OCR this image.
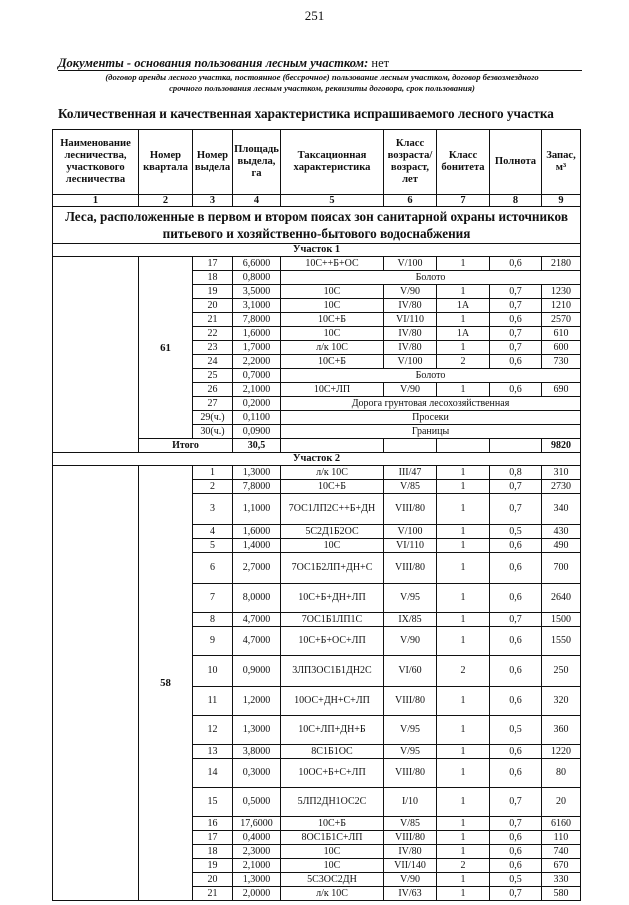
251
Документы - основания пользования лесным участком: нет
(договор аренды лесного участка, постоянное (бессрочное) пользование лесным участком, договор безвозмездного
срочного пользования лесным участком, реквизиты договора, срок пользования)
Количественная и качественная характеристика испрашиваемого лесного участка
Наименование лесничества, участкового лесничества	Номер квартала	Номер выдела	Площадь выдела, га	Таксационная характеристика	Класс возраста/ возраст, лет	Класс бонитета	Полнота	Запас, м³
1	2	3	4	5	6	7	8	9
Леса, расположенные в первом и втором поясах зон санитарной охраны источников питьевого и хозяйственно-бытового водоснабжения								
Участок 1								
	61	17	6,6000	10С++Б+ОС	V/100	1	0,6	2180
		18	0,8000	Болото				
		19	3,5000	10С	V/90	1	0,7	1230
		20	3,1000	10С	IV/80	1А	0,7	1210
		21	7,8000	10С+Б	VI/110	1	0,6	2570
		22	1,6000	10С	IV/80	1А	0,7	610
		23	1,7000	л/к 10С	IV/80	1	0,7	600
		24	2,2000	10С+Б	V/100	2	0,6	730
		25	0,7000	Болото				
		26	2,1000	10С+ЛП	V/90	1	0,6	690
		27	0,2000	Дорога грунтовая лесохозяйственная				
		29(ч.)	0,1100	Просеки				
		30(ч.)	0,0900	Границы				
	Итого		30,5					9820
Участок 2								
	58	1	1,3000	л/к 10С	III/47	1	0,8	310
		2	7,8000	10С+Б	V/85	1	0,7	2730
		3	1,1000	7ОС1ЛП2С++Б+ДН	VIII/80	1	0,7	340
		4	1,6000	5С2Д1Б2ОС	V/100	1	0,5	430
		5	1,4000	10С	VI/110	1	0,6	490
		6	2,7000	7ОС1Б2ЛП+ДН+С	VIII/80	1	0,6	700
		7	8,0000	10С+Б+ДН+ЛП	V/95	1	0,6	2640
		8	4,7000	7ОС1Б1ЛП1С	IX/85	1	0,7	1500
		9	4,7000	10С+Б+ОС+ЛП	V/90	1	0,6	1550
		10	0,9000	3ЛП3ОС1Б1ДН2С	VI/60	2	0,6	250
		11	1,2000	10ОС+ДН+С+ЛП	VIII/80	1	0,6	320
		12	1,3000	10С+ЛП+ДН+Б	V/95	1	0,5	360
		13	3,8000	8С1Б1ОС	V/95	1	0,6	1220
		14	0,3000	10ОС+Б+С+ЛП	VIII/80	1	0,6	80
		15	0,5000	5ЛП2ДН1ОС2С	I/10	1	0,7	20
		16	17,6000	10С+Б	V/85	1	0,7	6160
		17	0,4000	8ОС1Б1С+ЛП	VIII/80	1	0,6	110
		18	2,3000	10С	IV/80	1	0,6	740
		19	2,1000	10С	VII/140	2	0,6	670
		20	1,3000	5С3ОС2ДН	V/90	1	0,5	330
		21	2,0000	л/к 10С	IV/63	1	0,7	580
